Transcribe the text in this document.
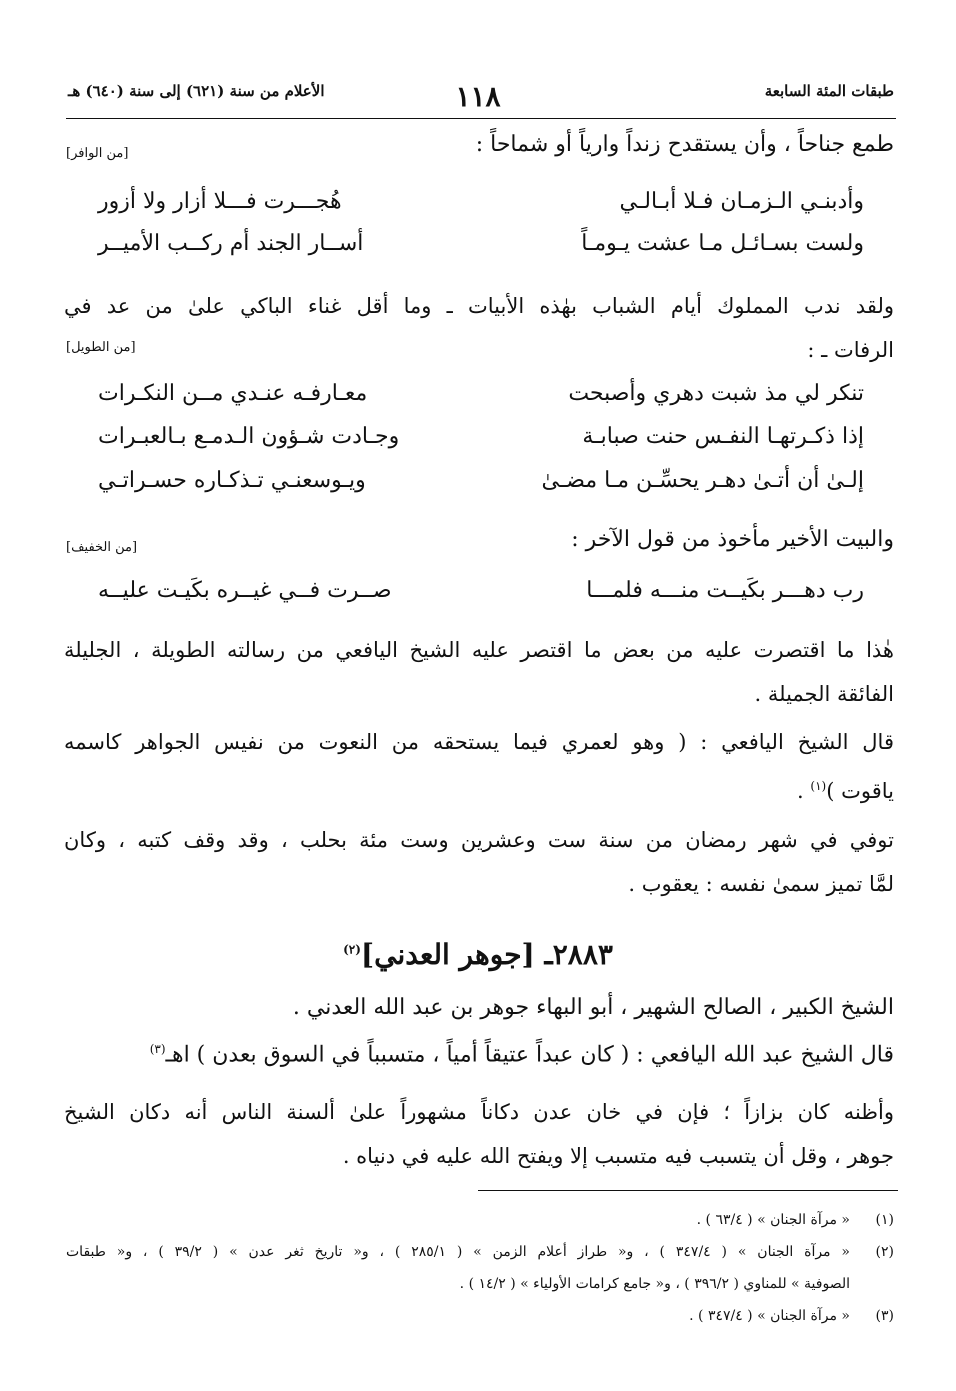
طبقات المئة السابعة
١١٨
الأعلام من سنة (٦٢١) إلى سنة (٦٤٠) هـ
طمع جناحاً ، وأن يستقدح زنداً وارياً أو شماحاً :
[من الوافر]
وأدبنـي الـزمـان فـلا أبـالـي
هُجـــرت فـــلا أزار ولا أزور
ولست بسـائـل مـا عشت يـومـاً
أســار الجند أم ركــب الأميــر
ولقد ندب المملوك أيام الشباب بهٰذه الأبيات ـ وما أقل غناء الباكي علىٰ من عد في
الرفات ـ :
[من الطويل]
تنكر لي مذ شبت دهري وأصبحت
معـارفـه عنـدي مــن النكـرات
إذا ذكـرتهـا النفـس حنت صبابـة
وجـادت شـؤون الـدمـع بـالعبـرات
إلـىٰ أن أتـىٰ دهـر يحسِّـن مـا مضـىٰ
ويـوسعنـي تـذكـاره حسـراتـي
والبيت الأخير مأخوذ من قول الآخر :
[من الخفيف]
رب دهـــر بكَيــت منـــه فلمـــا
صــرت فــي غيــره بكَيـت عليــه
هٰذا ما اقتصرت عليه من بعض ما اقتصر عليه الشيخ اليافعي من رسالته الطويلة ، الجليلة
الفائقة الجميلة .
قال الشيخ اليافعي : ( وهو لعمري فيما يستحقه من النعوت من نفيس الجواهر كاسمه
ياقوت )$^{(١)}$ .
توفي في شهر رمضان من سنة ست وعشرين وست مئة بحلب ، وقد وقف كتبه ، وكان
لمَّا تميز سمىٰ نفسه : يعقوب .
٢٨٨٣ـ [جوهر العدني]$^{(٢)}$
الشيخ الكبير ، الصالح الشهير ، أبو البهاء جوهر بن عبد الله العدني .
قال الشيخ عبد الله اليافعي : ( كان عبداً عتيقاً أمياً ، متسبباً في السوق بعدن ) اهـ$^{(٣)}$
وأظنه كان بزازاً ؛ فإن في خان عدن دكاناً مشهوراً علىٰ ألسنة الناس أنه دكان الشيخ
جوهر ، وقل أن يتسبب فيه متسبب إلا ويفتح الله عليه في دنياه .
(١)
« مرآة الجنان » ( ٦٣/٤ ) .
(٢)
« مرآة الجنان » ( ٣٤٧/٤ ) ، و« طراز أعلام الزمن » ( ٢٨٥/١ ) ، و« تاريخ ثغر عدن » ( ٣٩/٢ ) ، و« طبقات
الصوفية » للمناوي ( ٣٩٦/٢ ) ، و« جامع كرامات الأولياء » ( ١٤/٢ ) .
(٣)
« مرآة الجنان » ( ٣٤٧/٤ ) .
